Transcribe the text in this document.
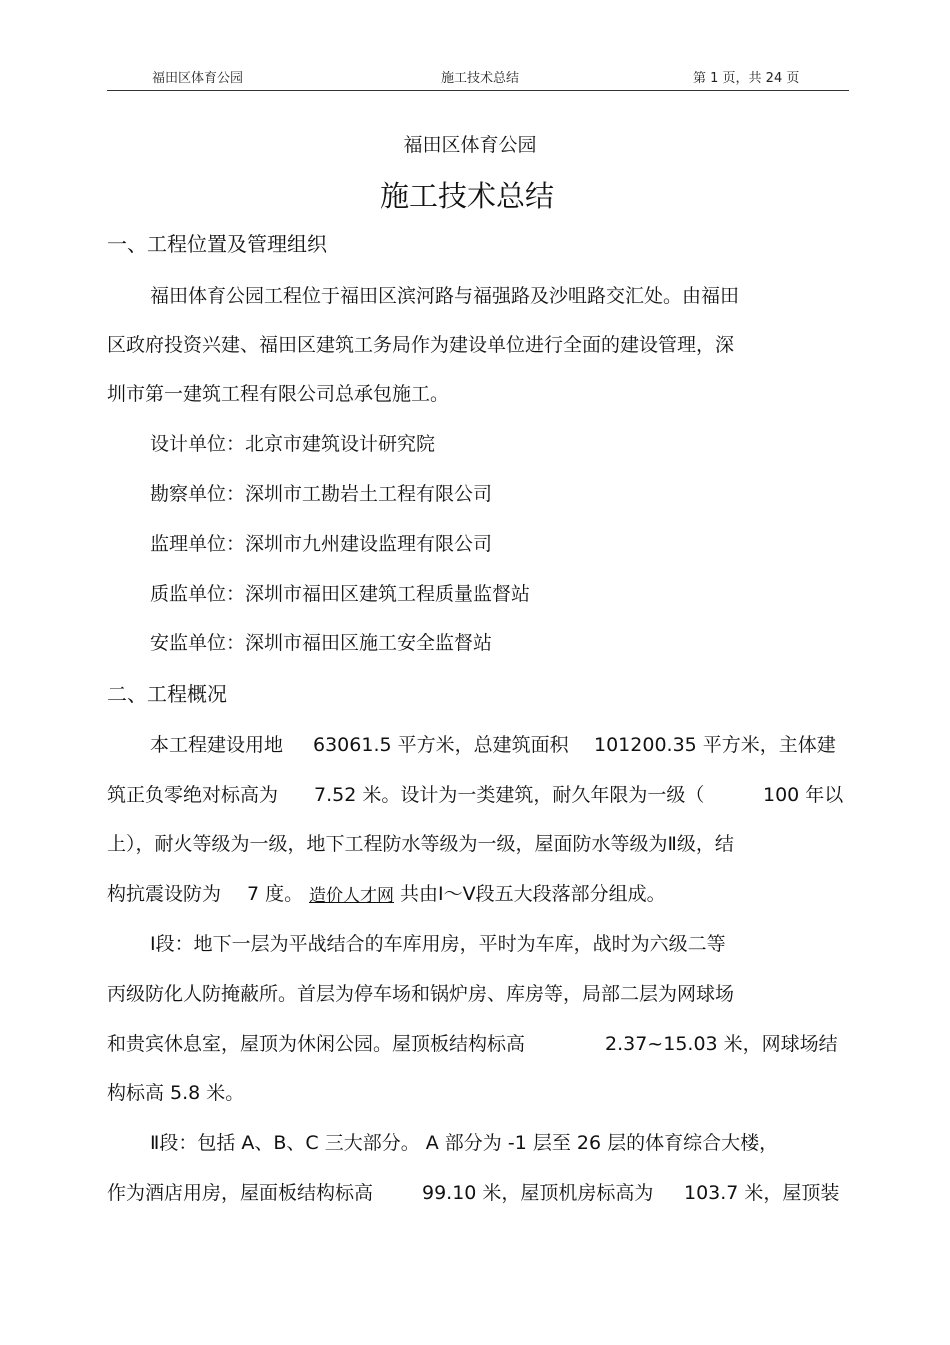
福田区体育公园	施工技术总结	第 1 页，共 24 页
福田区体育公园
施工技术总结
一、工程位置及管理组织
福田体育公园工程位于福田区滨河路与福强路及沙咀路交汇处。由福田
区政府投资兴建、福田区建筑工务局作为建设单位进行全面的建设管理，深
圳市第一建筑工程有限公司总承包施工。
设计单位：北京市建筑设计研究院
勘察单位：深圳市工勘岩土工程有限公司
监理单位：深圳市九州建设监理有限公司
质监单位：深圳市福田区建筑工程质量监督站
安监单位：深圳市福田区施工安全监督站
二、工程概况
本工程建设用地 63061.5 平方米，总建筑面积 101200.35 平方米，主体建
筑正负零绝对标高为 7.52 米。设计为一类建筑，耐久年限为一级（	100 年以
上），耐火等级为一级，地下工程防水等级为一级，屋面防水等级为Ⅱ级，结
构抗震设防为 7 度。 造价人才网 共由Ⅰ～Ⅴ段五大段落部分组成。
Ⅰ段：地下一层为平战结合的车库用房，平时为车库，战时为六级二等
丙级防化人防掩蔽所。首层为停车场和锅炉房、库房等，局部二层为网球场
和贵宾休息室，屋顶为休闲公园。屋顶板结构标高	2.37~15.03 米，网球场结
构标高 5.8 米。
Ⅱ段：包括 A、B、C 三大部分。 A 部分为 -1 层至 26 层的体育综合大楼，
作为酒店用房，屋面板结构标高	99.10 米，屋顶机房标高为 103.7 米，屋顶装
